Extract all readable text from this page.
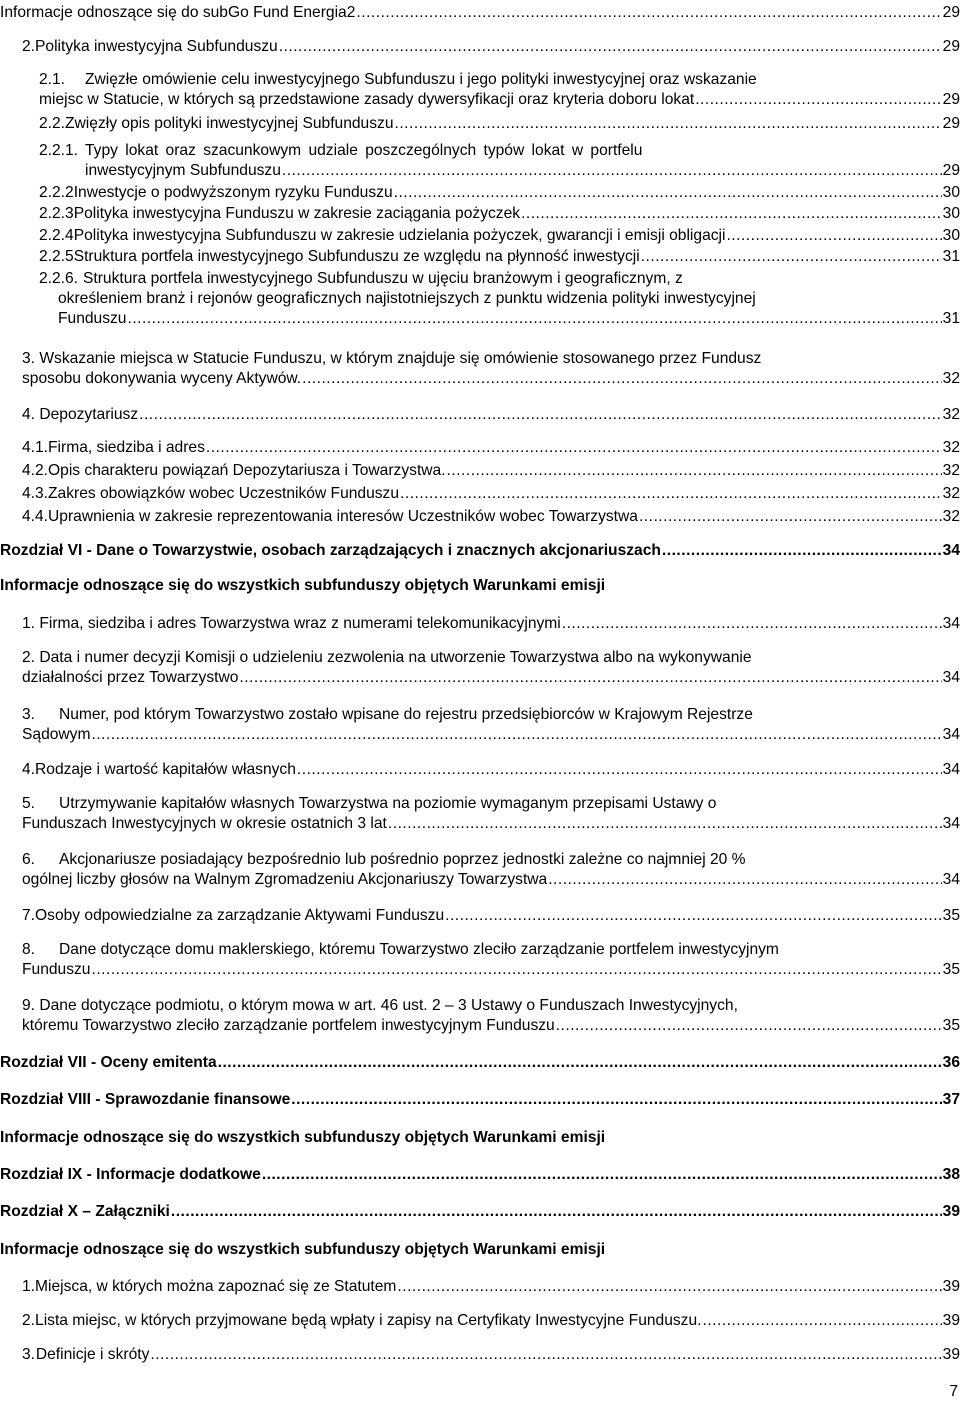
Informacje odnoszące się do subGo Fund Energia2 .....	29
2. Polityka inwestycyjna Subfunduszu .....	29
2.1. Zwięzłe omówienie celu inwestycyjnego Subfunduszu i jego polityki inwestycyjnej oraz wskazanie
miejsc w Statucie, w których są przedstawione zasady dywersyfikacji oraz kryteria doboru lokat .....	29
2.2. Zwięzły opis polityki inwestycyjnej Subfunduszu .....	29
2.2.1. Typy lokat oraz szacunkowym udziale poszczególnych typów lokat w portfelu
inwestycyjnym Subfunduszu .....	29
2.2.2 Inwestycje o podwyższonym ryzyku Funduszu .....	30
2.2.3 Polityka inwestycyjna Funduszu w zakresie zaciągania pożyczek .....	30
2.2.4 Polityka inwestycyjna Subfunduszu w zakresie udzielania pożyczek, gwarancji i emisji obligacji .....	30
2.2.5 Struktura portfela inwestycyjnego Subfunduszu ze względu na płynność inwestycji .....	31
2.2.6. Struktura portfela inwestycyjnego Subfunduszu w ujęciu branżowym i geograficznym, z
określeniem branż i rejonów geograficznych najistotniejszych z punktu widzenia polityki inwestycyjnej
Funduszu .....	31
3. Wskazanie miejsca w Statucie Funduszu, w którym znajduje się omówienie stosowanego przez Fundusz
sposobu dokonywania wyceny Aktywów. .....	32
4. Depozytariusz .....	32
4.1. Firma, siedziba i adres .....	32
4.2. Opis charakteru powiązań Depozytariusza i Towarzystwa. .....	32
4.3. Zakres obowiązków wobec Uczestników Funduszu .....	32
4.4. Uprawnienia w zakresie reprezentowania interesów Uczestników wobec Towarzystwa .....	32
Rozdział VI - Dane o Towarzystwie, osobach zarządzających i znacznych akcjonariuszach .....	34
Informacje odnoszące się do wszystkich subfunduszy objętych Warunkami emisji
1. Firma, siedziba i adres Towarzystwa wraz z numerami telekomunikacyjnymi .....	34
2. Data i numer decyzji Komisji o udzieleniu zezwolenia na utworzenie Towarzystwa albo na wykonywanie
działalności przez Towarzystwo .....	34
3. Numer, pod którym Towarzystwo zostało wpisane do rejestru przedsiębiorców w Krajowym Rejestrze
Sądowym .....	34
4. Rodzaje i wartość kapitałów własnych .....	34
5. Utrzymywanie kapitałów własnych Towarzystwa na poziomie wymaganym przepisami Ustawy o
Funduszach Inwestycyjnych w okresie ostatnich 3 lat .....	34
6. Akcjonariusze posiadający bezpośrednio lub pośrednio poprzez jednostki zależne co najmniej 20 %
ogólnej liczby głosów na Walnym Zgromadzeniu Akcjonariuszy Towarzystwa .....	34
7. Osoby odpowiedzialne za zarządzanie Aktywami Funduszu .....	35
8. Dane dotyczące domu maklerskiego, któremu Towarzystwo zleciło zarządzanie portfelem inwestycyjnym
Funduszu .....	35
9. Dane dotyczące podmiotu, o którym mowa w art. 46 ust. 2 – 3 Ustawy o Funduszach Inwestycyjnych,
któremu Towarzystwo zleciło zarządzanie portfelem inwestycyjnym Funduszu .....	35
Rozdział VII - Oceny emitenta .....	36
Rozdział VIII - Sprawozdanie finansowe .....	37
Informacje odnoszące się do wszystkich subfunduszy objętych Warunkami emisji
Rozdział IX - Informacje dodatkowe .....	38
Rozdział X – Załączniki .....	39
Informacje odnoszące się do wszystkich subfunduszy objętych Warunkami emisji
1. Miejsca, w których można zapoznać się ze Statutem .....	39
2. Lista miejsc, w których przyjmowane będą wpłaty i zapisy na Certyfikaty Inwestycyjne Funduszu. .....	39
3. Definicje i skróty .....	39
7
